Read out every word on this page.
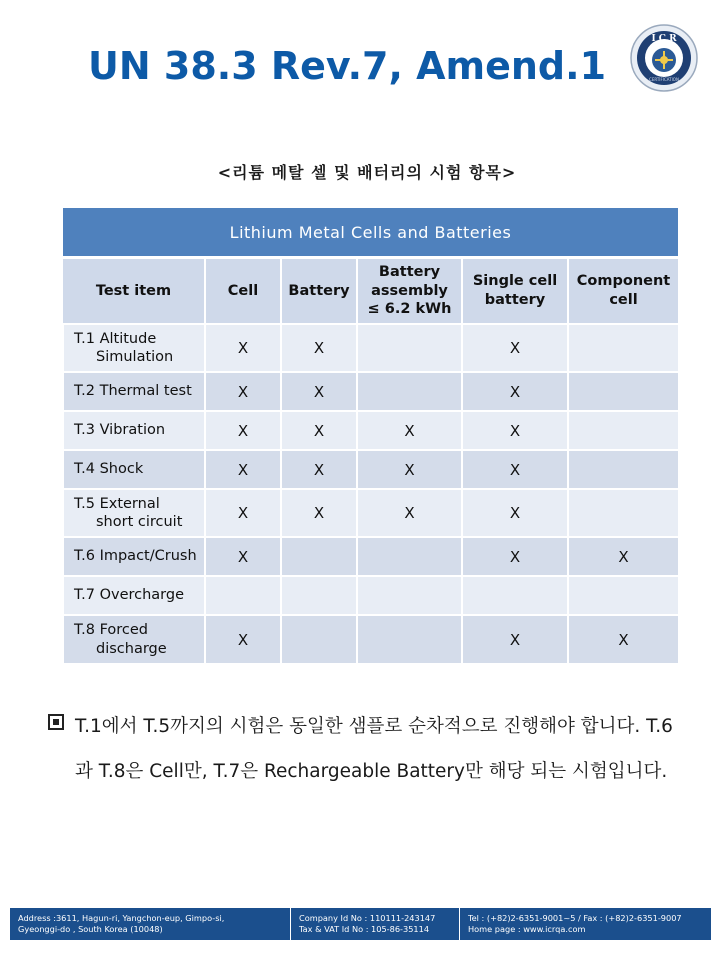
UN 38.3 Rev.7, Amend.1
I C R
CERTIFICATION
<리튬 메탈 셀 및 배터리의 시험 항목>
Lithium Metal Cells and Batteries					

Test item	Cell	Battery	Battery
assembly
≤ 6.2 kWh	Single cell
battery	Component
cell
T.1 Altitude
Simulation	X	X		X	
T.2 Thermal test	X	X		X	
T.3 Vibration	X	X	X	X	
T.4 Shock	X	X	X	X	
T.5 External
short circuit	X	X	X	X	
T.6 Impact/Crush	X			X	X
T.7 Overcharge					
T.8 Forced
discharge	X			X	X
T.1에서 T.5까지의 시험은 동일한 샘플로 순차적으로 진행해야 합니다. T.6과 T.8은 Cell만, T.7은 Rechargeable Battery만 해당 되는 시험입니다.
Address :3611, Hagun-ri, Yangchon-eup, Gimpo-si,
Gyeonggi-do , South Korea (10048)
Company Id No : 110111-243147
Tax & VAT Id No : 105-86-35114
Tel : (+82)2-6351-9001~5 / Fax : (+82)2-6351-9007
Home page : www.icrqa.com
